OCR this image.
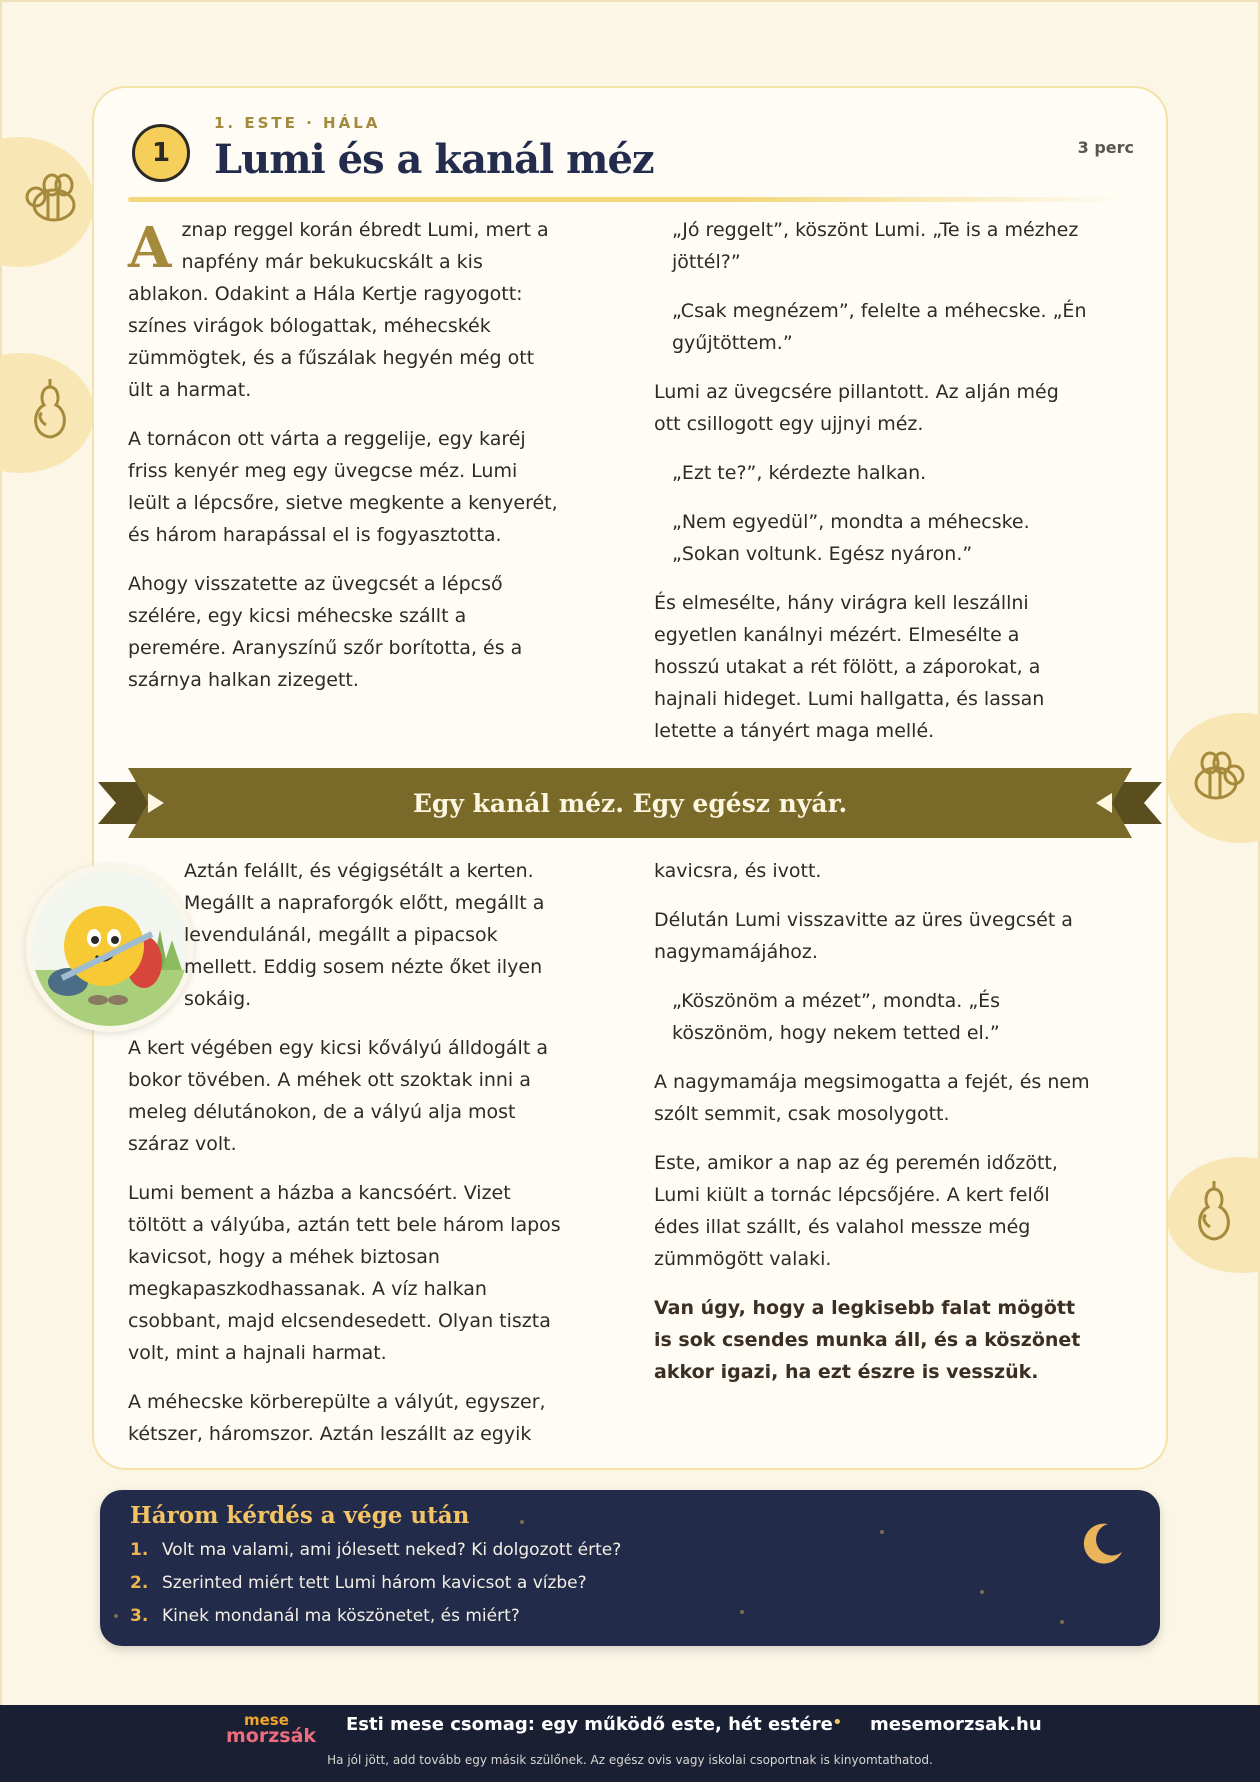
1
1. ESTE · HÁLA
Lumi és a kanál méz	3 perc

Aznap reggel korán ébredt Lumi, mert a napfény már bekukucskált a kis ablakon. Odakint a Hála Kertje ragyogott: színes virágok bólogattak, méhecskék zümmögtek, és a fűszálak hegyén még ott ült a harmat.

A tornácon ott várta a reggelije, egy karéj friss kenyér meg egy üvegcse méz. Lumi leült a lépcsőre, sietve megkente a kenyerét, és három harapással el is fogyasztotta.

Ahogy visszatette az üvegcsét a lépcső szélére, egy kicsi méhecske szállt a peremére. Aranyszínű szőr borította, és a szárnya halkan zizegett.

„Jó reggelt”, köszönt Lumi. „Te is a mézhez jöttél?”

„Csak megnézem”, felelte a méhecske. „Én gyűjtöttem.”

Lumi az üvegcsére pillantott. Az alján még ott csillogott egy ujjnyi méz.

„Ezt te?”, kérdezte halkan.

„Nem egyedül”, mondta a méhecske. „Sokan voltunk. Egész nyáron.”

És elmesélte, hány virágra kell leszállni egyetlen kanálnyi mézért. Elmesélte a hosszú utakat a rét fölött, a záporokat, a hajnali hideget. Lumi hallgatta, és lassan letette a tányért maga mellé.

Egy kanál méz. Egy egész nyár.

Aztán felállt, és végigsétált a kerten. Megállt a napraforgók előtt, megállt a levendulánál, megállt a pipacsok mellett. Eddig sosem nézte őket ilyen sokáig.

A kert végében egy kicsi kővályú álldogált a bokor tövében. A méhek ott szoktak inni a meleg délutánokon, de a vályú alja most száraz volt.

Lumi bement a házba a kancsóért. Vizet töltött a vályúba, aztán tett bele három lapos kavicsot, hogy a méhek biztosan megkapaszkodhassanak. A víz halkan csobbant, majd elcsendesedett. Olyan tiszta volt, mint a hajnali harmat.

A méhecske körberepülte a vályút, egyszer, kétszer, háromszor. Aztán leszállt az egyik

kavicsra, és ivott.

Délután Lumi visszavitte az üres üvegcsét a nagymamájához.

„Köszönöm a mézet”, mondta. „És köszönöm, hogy nekem tetted el.”

A nagymamája megsimogatta a fejét, és nem szólt semmit, csak mosolygott.

Este, amikor a nap az ég peremén időzött, Lumi kiült a tornác lépcsőjére. A kert felől édes illat szállt, és valahol messze még zümmögött valaki.

Van úgy, hogy a legkisebb falat mögött is sok csendes munka áll, és a köszönet akkor igazi, ha ezt észre is vesszük.

Három kérdés a vége után
1. Volt ma valami, ami jólesett neked? Ki dolgozott érte?
2. Szerinted miért tett Lumi három kavicsot a vízbe?
3. Kinek mondanál ma köszönetet, és miért?
mese
morzsák
Esti mese csomag: egy működő este, hét estére • mesemorzsak.hu
Ha jól jött, add tovább egy másik szülőnek. Az egész ovis vagy iskolai csoportnak is kinyomtathatod.
